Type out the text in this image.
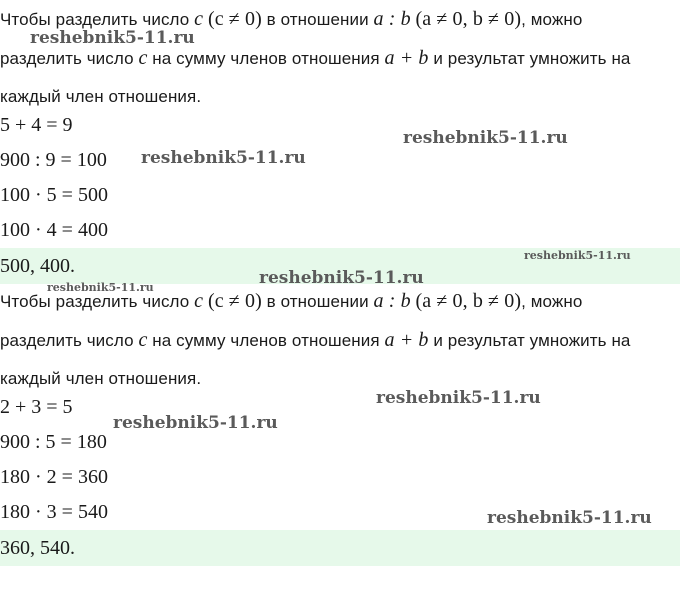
Чтобы разделить число c (c ≠ 0) в отношении a : b (a ≠ 0, b ≠ 0), можно
разделить число c на сумму членов отношения a + b и результат умножить на
каждый член отношения.
5 + 4 = 9
900 : 9 = 100
100 · 5 = 500
100 · 4 = 400
500, 400.
Чтобы разделить число c (c ≠ 0) в отношении a : b (a ≠ 0, b ≠ 0), можно
разделить число c на сумму членов отношения a + b и результат умножить на
каждый член отношения.
2 + 3 = 5
900 : 5 = 180
180 · 2 = 360
180 · 3 = 540
360, 540.
reshebnik5-11.ru
reshebnik5-11.ru
reshebnik5-11.ru
reshebnik5-11.ru
reshebnik5-11.ru
reshebnik5-11.ru
reshebnik5-11.ru
reshebnik5-11.ru
reshebnik5-11.ru
